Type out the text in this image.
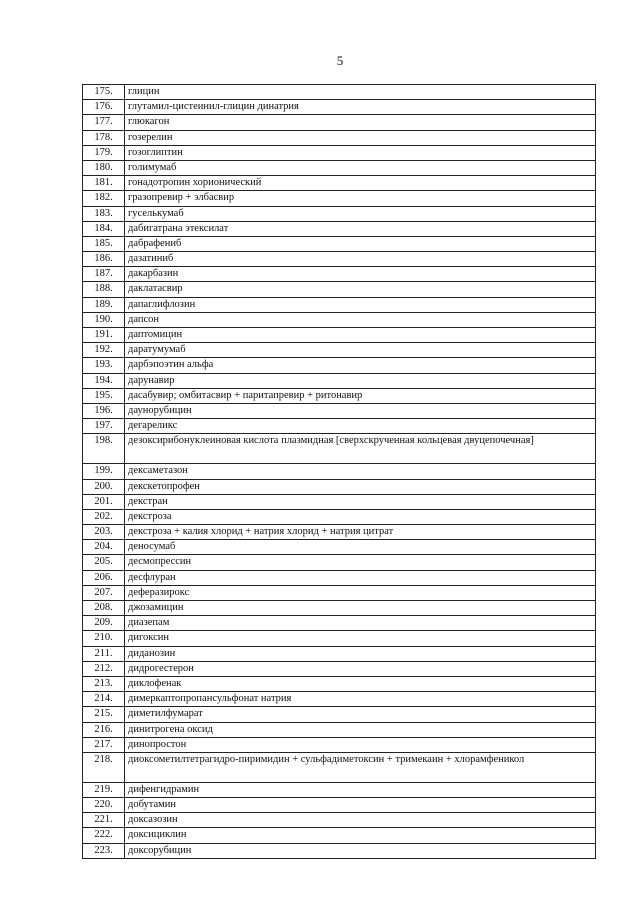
5
175.	глицин
176.	глутамил-цистеинил-глицин динатрия
177.	глюкагон
178.	гозерелин
179.	гозоглиптин
180.	голимумаб
181.	гонадотропин хорионический
182.	гразопревир + элбасвир
183.	гуселькумаб
184.	дабигатрана этексилат
185.	дабрафениб
186.	дазатиниб
187.	дакарбазин
188.	даклатасвир
189.	дапаглифлозин
190.	дапсон
191.	даптомицин
192.	даратумумаб
193.	дарбэпоэтин альфа
194.	дарунавир
195.	дасабувир; омбитасвир + паритапревир + ритонавир
196.	даунорубицин
197.	дегареликс
198.	дезоксирибонуклеиновая кислота плазмидная [сверхскрученная кольцевая двуцепочечная]
199.	дексаметазон
200.	декскетопрофен
201.	декстран
202.	декстроза
203.	декстроза + калия хлорид + натрия хлорид + натрия цитрат
204.	деносумаб
205.	десмопрессин
206.	десфлуран
207.	деферазирокс
208.	джозамицин
209.	диазепам
210.	дигоксин
211.	диданозин
212.	дидрогестерон
213.	диклофенак
214.	димеркаптопропансульфонат натрия
215.	диметилфумарат
216.	динитрогена оксид
217.	динопростон
218.	диоксометилтетрагидро-пиримидин + сульфадиметоксин + тримекаин + хлорамфеникол
219.	дифенгидрамин
220.	добутамин
221.	доксазозин
222.	доксициклин
223.	доксорубицин
